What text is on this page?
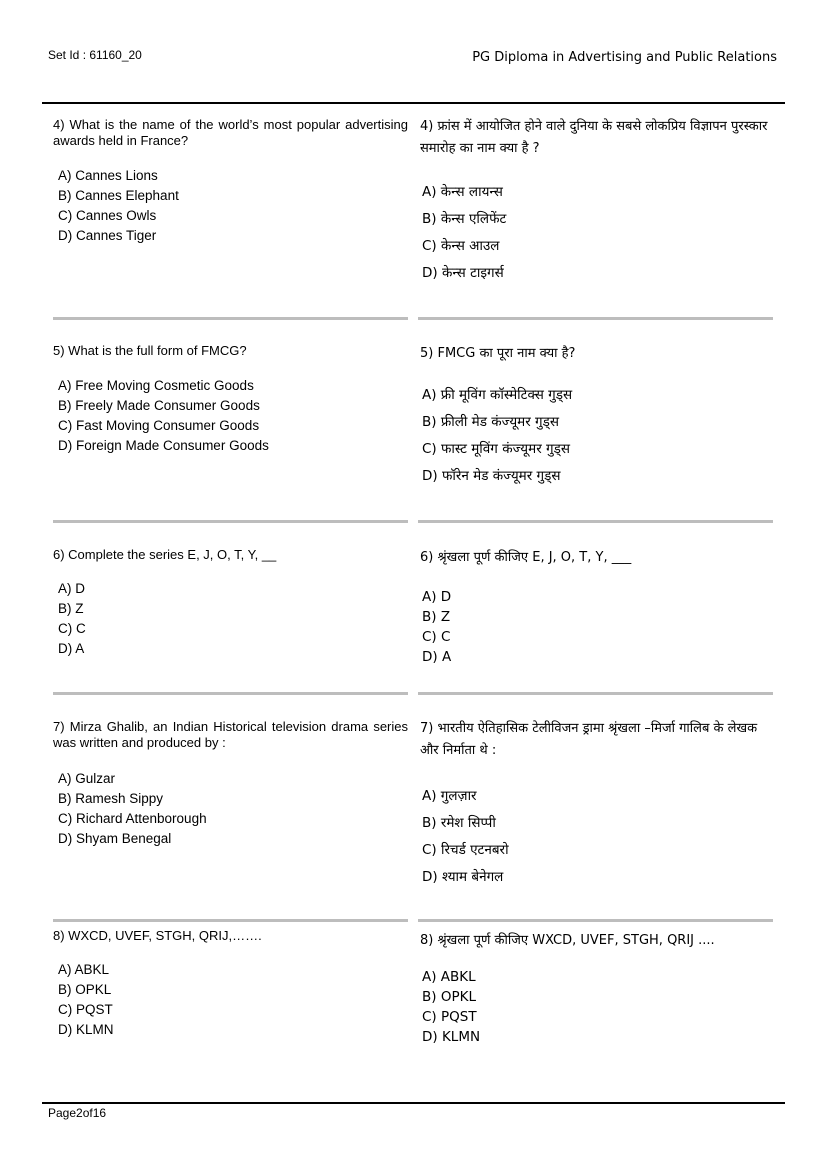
Set Id : 61160_20	PG Diploma in Advertising and Public Relations
4) What is the name of the world’s most popular advertising awards held in France?
A) Cannes Lions
B) Cannes Elephant
C) Cannes Owls
D) Cannes Tiger
4) फ्रांस में आयोजित होने वाले दुनिया के सबसे लोकप्रिय विज्ञापन पुरस्कार समारोह का नाम क्या है ?
A) केन्स लायन्स
B) केन्स एलिफेंट
C) केन्स आउल
D) केन्स टाइगर्स
5) What is the full form of FMCG?
A) Free Moving Cosmetic Goods
B) Freely Made Consumer Goods
C) Fast Moving Consumer Goods
D) Foreign Made Consumer Goods
5) FMCG का पूरा नाम क्या है?
A) फ्री मूविंग कॉस्मेटिक्स गुड्स
B) फ्रीली मेड कंज्यूमर गुड्स
C) फास्ट मूविंग कंज्यूमर गुड्स
D) फॉरेन मेड कंज्यूमर गुड्स
6) Complete the series E, J, O, T, Y, __
A) D
B) Z
C) C
D) A
6) श्रृंखला पूर्ण कीजिए E, J, O, T, Y, ___
A) D
B) Z
C) C
D) A
7) Mirza Ghalib, an Indian Historical television drama series was written and produced by :
A) Gulzar
B) Ramesh Sippy
C) Richard Attenborough
D) Shyam Benegal
7) भारतीय ऐतिहासिक टेलीविजन ड्रामा श्रृंखला –मिर्जा गालिब के लेखक और निर्माता थे :
A) गुलज़ार
B) रमेश सिप्पी
C) रिचर्ड एटनबरो
D) श्याम बेनेगल
8) WXCD, UVEF, STGH, QRIJ,…….
A) ABKL
B) OPKL
C) PQST
D) KLMN
8) श्रृंखला पूर्ण कीजिए WXCD, UVEF, STGH, QRIJ ....
A) ABKL
B) OPKL
C) PQST
D) KLMN
Page2of16
